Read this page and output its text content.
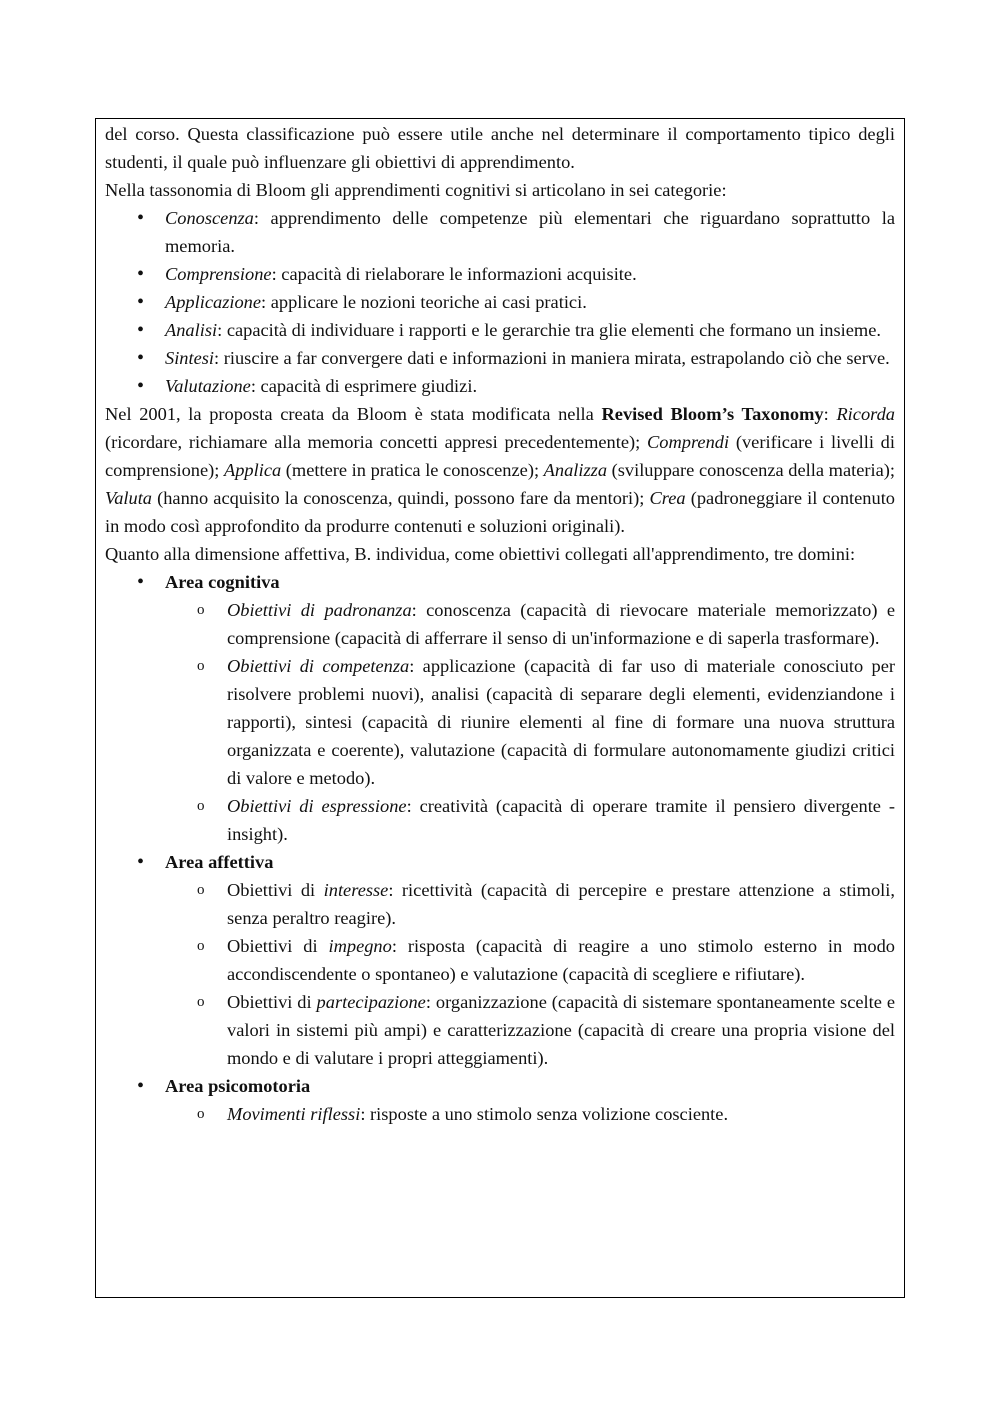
del corso. Questa classificazione può essere utile anche nel determinare il comportamento tipico degli studenti, il quale può influenzare gli obiettivi di apprendimento.

Nella tassonomia di Bloom gli apprendimenti cognitivi si articolano in sei categorie:

• Conoscenza: apprendimento delle competenze più elementari che riguardano soprattutto la memoria.
• Comprensione: capacità di rielaborare le informazioni acquisite.
• Applicazione: applicare le nozioni teoriche ai casi pratici.
• Analisi: capacità di individuare i rapporti e le gerarchie tra glie elementi che formano un insieme.
• Sintesi: riuscire a far convergere dati e informazioni in maniera mirata, estrapolando ciò che serve.
• Valutazione: capacità di esprimere giudizi.

Nel 2001, la proposta creata da Bloom è stata modificata nella Revised Bloom’s Taxonomy: Ricorda (ricordare, richiamare alla memoria concetti appresi precedentemente); Comprendi (verificare i livelli di comprensione); Applica (mettere in pratica le conoscenze); Analizza (sviluppare conoscenza della materia); Valuta (hanno acquisito la conoscenza, quindi, possono fare da mentori); Crea (padroneggiare il contenuto in modo così approfondito da produrre contenuti e soluzioni originali).

Quanto alla dimensione affettiva, B. individua, come obiettivi collegati all'apprendimento, tre domini:

• Area cognitiva
o Obiettivi di padronanza: conoscenza (capacità di rievocare materiale memorizzato) e comprensione (capacità di afferrare il senso di un'informazione e di saperla trasformare).
o Obiettivi di competenza: applicazione (capacità di far uso di materiale conosciuto per risolvere problemi nuovi), analisi (capacità di separare degli elementi, evidenziandone i rapporti), sintesi (capacità di riunire elementi al fine di formare una nuova struttura organizzata e coerente), valutazione (capacità di formulare autonomamente giudizi critici di valore e metodo).
o Obiettivi di espressione: creatività (capacità di operare tramite il pensiero divergente - insight).
• Area affettiva
o Obiettivi di interesse: ricettività (capacità di percepire e prestare attenzione a stimoli, senza peraltro reagire).
o Obiettivi di impegno: risposta (capacità di reagire a uno stimolo esterno in modo accondiscendente o spontaneo) e valutazione (capacità di scegliere e rifiutare).
o Obiettivi di partecipazione: organizzazione (capacità di sistemare spontaneamente scelte e valori in sistemi più ampi) e caratterizzazione (capacità di creare una propria visione del mondo e di valutare i propri atteggiamenti).
• Area psicomotoria
o Movimenti riflessi: risposte a uno stimolo senza volizione cosciente.
